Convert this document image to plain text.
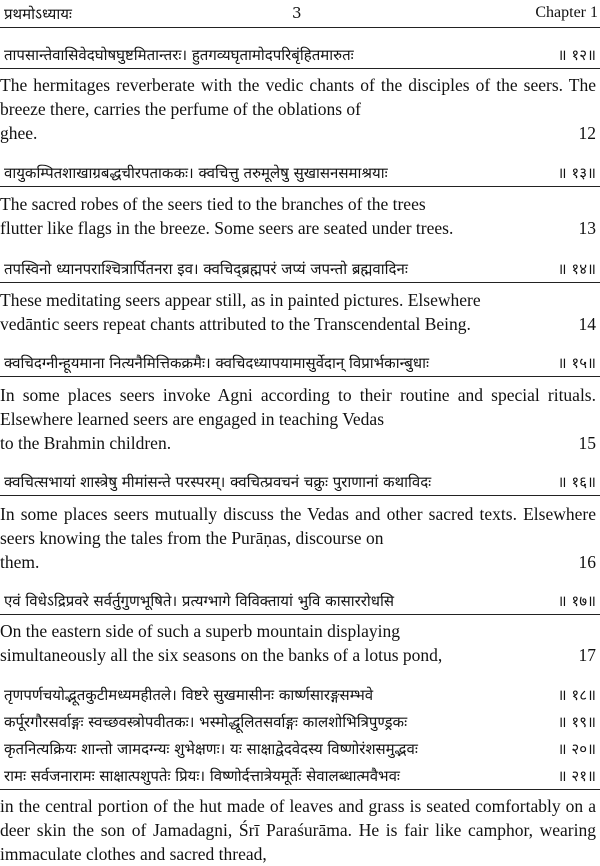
प्रथमोऽध्यायः	3	Chapter 1
तापसान्तेवासिवेदघोषघुष्टमितान्तरः। हुतगव्यघृतामोदपरिबृंहितमारुतः	॥ १२॥

The hermitages reverberate with the vedic chants of the disciples of the seers. The breeze there, carries the perfume of the oblations of

ghee.	12
वायुकम्पितशाखाग्रबद्धचीरपताककः। क्वचित्तु तरुमूलेषु सुखासनसमाश्रयाः	॥ १३॥

The sacred robes of the seers tied to the branches of the trees

flutter like flags in the breeze. Some seers are seated under trees.	13
तपस्विनो ध्यानपराश्चित्रार्पितनरा इव। क्वचिद्ब्रह्मपरं जप्यं जपन्तो ब्रह्मवादिनः	॥ १४॥

These meditating seers appear still, as in painted pictures. Elsewhere

vedāntic seers repeat chants attributed to the Transcendental Being.	14
क्वचिदग्नीन्हूयमाना नित्यनैमित्तिकक्रमैः। क्वचिदध्यापयामासुर्वेदान् विप्रार्भकान्बुधाः	॥ १५॥

In some places seers invoke Agni according to their routine and special rituals. Elsewhere learned seers are engaged in teaching Vedas

to the Brahmin children.	15
क्वचित्सभायां शास्त्रेषु मीमांसन्ते परस्परम्। क्वचित्प्रवचनं चक्रुः पुराणानां कथाविदः	॥ १६॥

In some places seers mutually discuss the Vedas and other sacred texts. Elsewhere seers knowing the tales from the Purāṇas, discourse on

them.	16
एवं विधेऽद्रिप्रवरे सर्वर्तुगुणभूषिते। प्रत्यग्भागे विविक्तायां भुवि कासाररोधसि	॥ १७॥

On the eastern side of such a superb mountain displaying

simultaneously all the six seasons on the banks of a lotus pond,	17
तृणपर्णचयोद्भूतकुटीमध्यमहीतले। विष्टरे सुखमासीनः कार्ष्णसारङ्गसम्भवे	॥ १८॥
कर्पूरगौरसर्वाङ्गः स्वच्छवस्त्रोपवीतकः। भस्मोद्धूलितसर्वाङ्गः कालशोभित्रिपुण्ड्रकः	॥ १९॥
कृतनित्यक्रियः शान्तो जामदग्न्यः शुभेक्षणः। यः साक्षाद्वेदवेदस्य विष्णोरंशसमुद्भवः	॥ २०॥
रामः सर्वजनारामः साक्षात्पशुपतेः प्रियः। विष्णोर्दत्तात्रेयमूर्तेः सेवालब्धात्मवैभवः	॥ २१॥

in the central portion of the hut made of leaves and grass is seated comfortably on a deer skin the son of Jamadagni, Śrī Paraśurāma. He is fair like camphor, wearing immaculate clothes and sacred thread,
